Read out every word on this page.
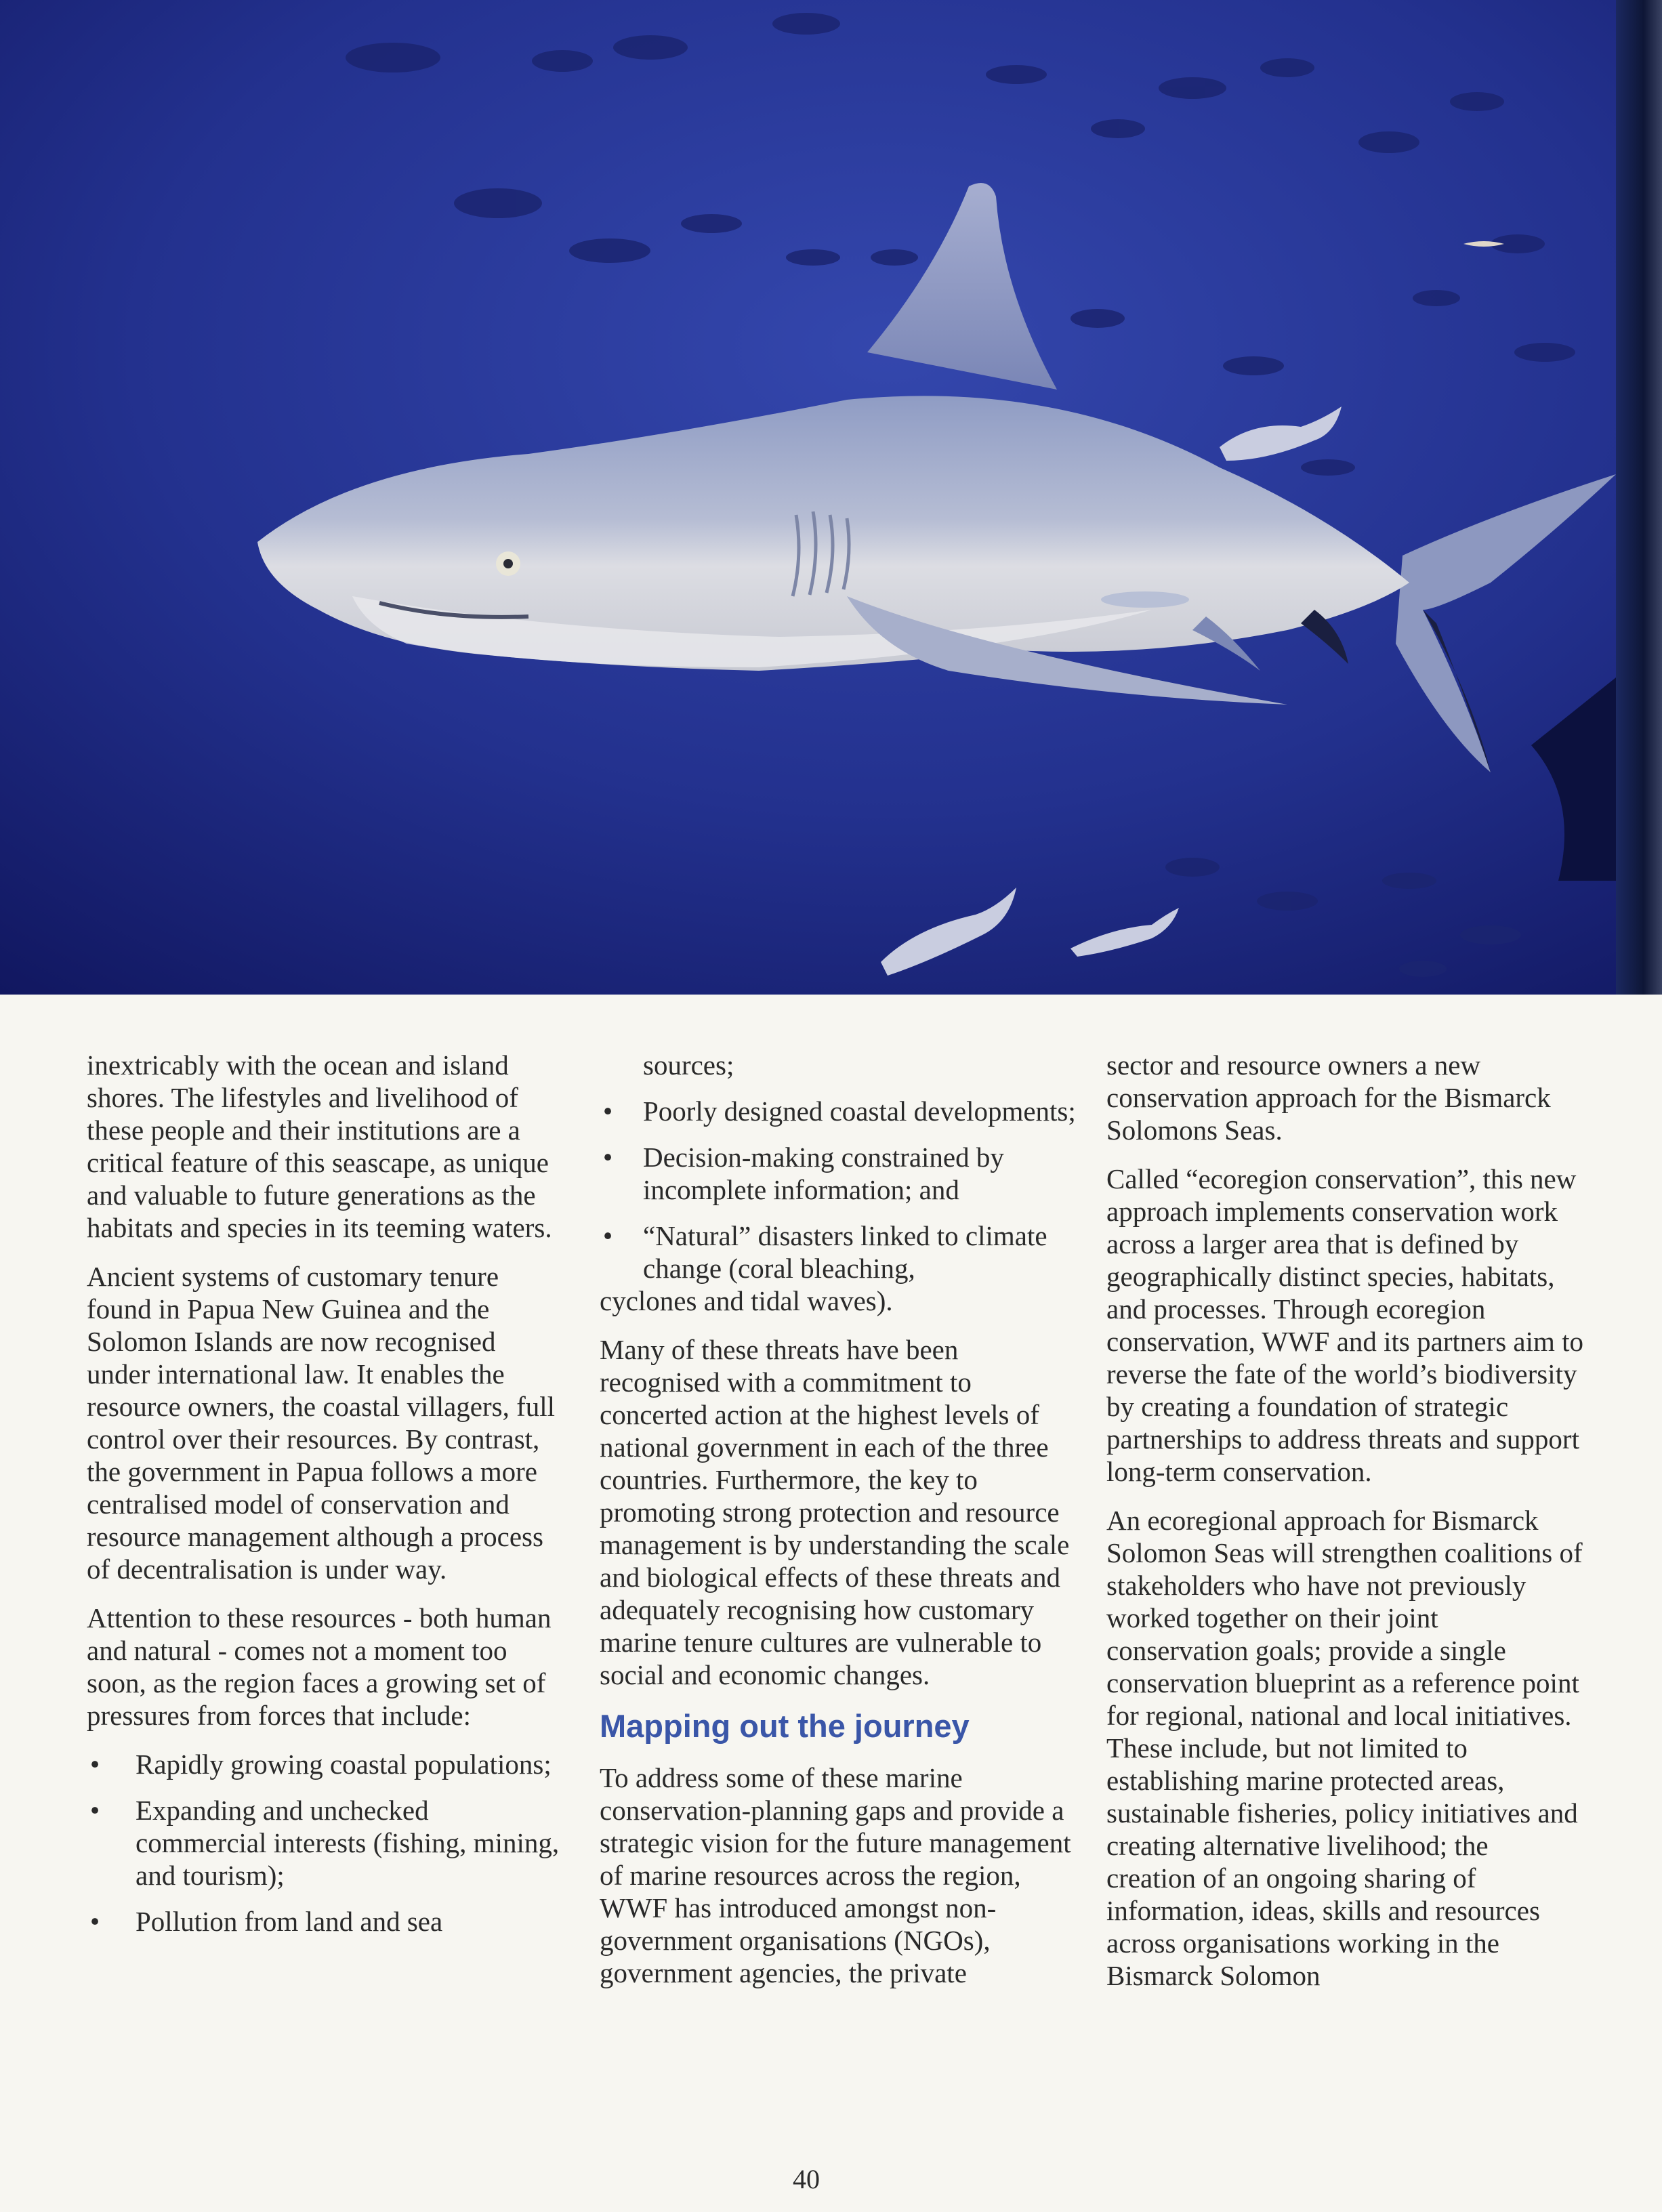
inextricably with the ocean and island shores. The lifestyles and livelihood of these people and their institutions are a critical feature of this seascape, as unique and valuable to future generations as the habitats and species in its teeming waters.

Ancient systems of customary tenure found in Papua New Guinea and the Solomon Islands are now recognised under international law. It enables the resource owners, the coastal villagers, full control over their resources. By contrast, the government in Papua follows a more centralised model of conservation and resource management although a process of decentralisation is under way.

Attention to these resources - both human and natural - comes not a moment too soon, as the region faces a growing set of pressures from forces that include:

• Rapidly growing coastal populations;
• Expanding and unchecked commercial interests (fishing, mining, and tourism);
• Pollution from land and sea

sources;

• Poorly designed coastal developments;
• Decision-making constrained by incomplete information; and
• “Natural” disasters linked to climate change (coral bleaching,
cyclones and tidal waves).

Many of these threats have been recognised with a commitment to concerted action at the highest levels of national government in each of the three countries. Furthermore, the key to promoting strong protection and resource management is by understanding the scale and biological effects of these threats and adequately recognising how customary marine tenure cultures are vulnerable to social and economic changes.

Mapping out the journey

To address some of these marine conservation-planning gaps and provide a strategic vision for the future management of marine resources across the region, WWF has introduced amongst non-government organisations (NGOs), government agencies, the private

sector and resource owners a new conservation approach for the Bismarck Solomons Seas.

Called “ecoregion conservation”, this new approach implements conservation work across a larger area that is defined by geographically distinct species, habitats, and processes. Through ecoregion conservation, WWF and its partners aim to reverse the fate of the world’s biodiversity by creating a foundation of strategic partnerships to address threats and support long-term conservation.

An ecoregional approach for Bismarck Solomon Seas will strengthen coalitions of stakeholders who have not previously worked together on their joint conservation goals; provide a single conservation blueprint as a reference point for regional, national and local initiatives. These include, but not limited to establishing marine protected areas, sustainable fisheries, policy initiatives and creating alternative livelihood; the creation of an ongoing sharing of information, ideas, skills and resources across organisations working in the Bismarck Solomon

40
